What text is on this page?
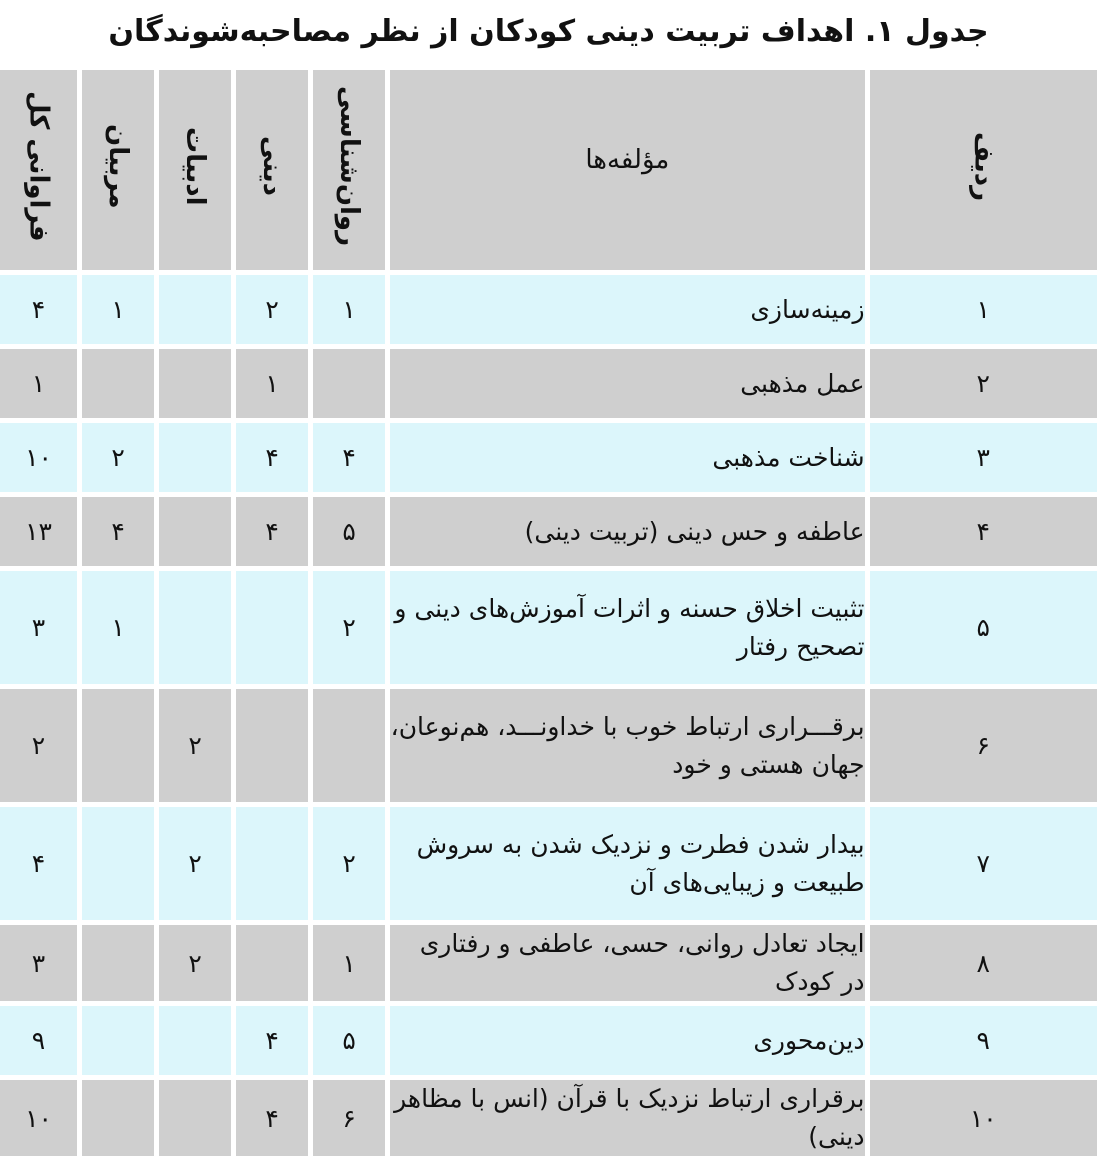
جدول ۱. اهداف تربیت دینی کودکان از نظر مصاحبه‌شوندگان
ردیف	مؤلفه‌ها	روان‌شناسی	دینی	ادبیات	مربیان	فراوانی کل
۱	زمینه‌سازی	۱	۲		۱	۴
۲	عمل مذهبی		۱			۱
۳	شناخت مذهبی	۴	۴		۲	۱۰
۴	عاطفه و حس دینی (تربیت دینی)	۵	۴		۴	۱۳
۵	تثبیت اخلاق حسنه و اثرات آموزش‌های دینی و تصحیح رفتار	۲			۱	۳
۶	برقـــراری ارتباط خوب با خداونـــد، هم‌نوعان، جهان هستی و خود			۲		۲
۷	بیدار شدن فطرت و نزدیک شدن به سروش طبیعت و زیبایی‌های آن	۲		۲		۴
۸	ایجاد تعادل روانی، حسی، عاطفی و رفتاری در کودک	۱		۲		۳
۹	دین‌محوری	۵	۴			۹
۱۰	برقراری ارتباط نزدیک با قرآن (انس با مظاهر دینی)	۶	۴			۱۰
